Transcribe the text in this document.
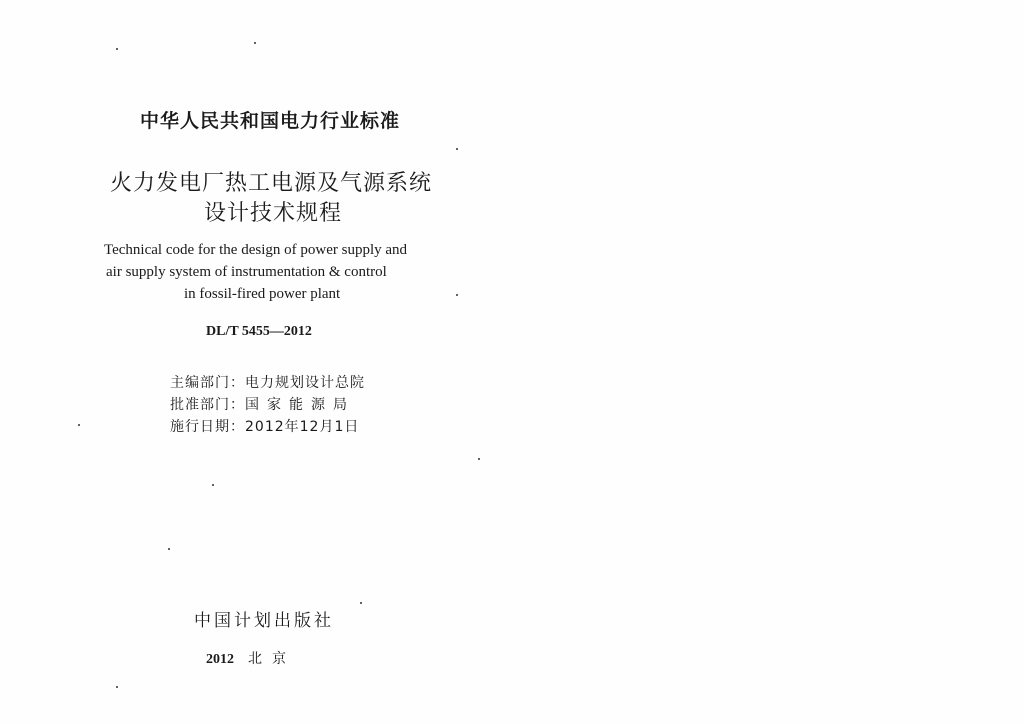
中华人民共和国电力行业标准
火力发电厂热工电源及气源系统
设计技术规程
Technical code for the design of power supply and
air supply system of instrumentation & control
in fossil-fired power plant
DL/T 5455—2012
主编部门：电力规划设计总院
批准部门：国家能源局
施行日期：2012年12月1日
中国计划出版社
2012 北京
